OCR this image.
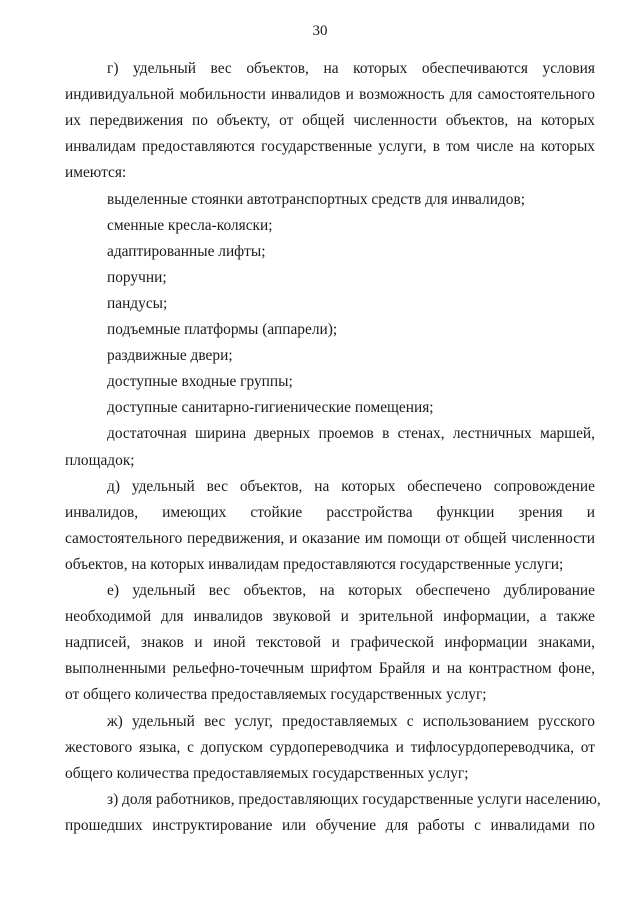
30
г) удельный вес объектов, на которых обеспечиваются условия
индивидуальной мобильности инвалидов и возможность для самостоятельного
их передвижения по объекту, от общей численности объектов, на которых
инвалидам предоставляются государственные услуги, в том числе на которых
имеются:
выделенные стоянки автотранспортных средств для инвалидов;
сменные кресла-коляски;
адаптированные лифты;
поручни;
пандусы;
подъемные платформы (аппарели);
раздвижные двери;
доступные входные группы;
доступные санитарно-гигиенические помещения;
достаточная ширина дверных проемов в стенах, лестничных маршей,
площадок;
д) удельный вес объектов, на которых обеспечено сопровождение
инвалидов, имеющих стойкие расстройства функции зрения и
самостоятельного передвижения, и оказание им помощи от общей численности
объектов, на которых инвалидам предоставляются государственные услуги;
е) удельный вес объектов, на которых обеспечено дублирование
необходимой для инвалидов звуковой и зрительной информации, а также
надписей, знаков и иной текстовой и графической информации знаками,
выполненными рельефно-точечным шрифтом Брайля и на контрастном фоне,
от общего количества предоставляемых государственных услуг;
ж) удельный вес услуг, предоставляемых с использованием русского
жестового языка, с допуском сурдопереводчика и тифлосурдопереводчика, от
общего количества предоставляемых государственных услуг;
з) доля работников, предоставляющих государственные услуги населению,
прошедших инструктирование или обучение для работы с инвалидами по
